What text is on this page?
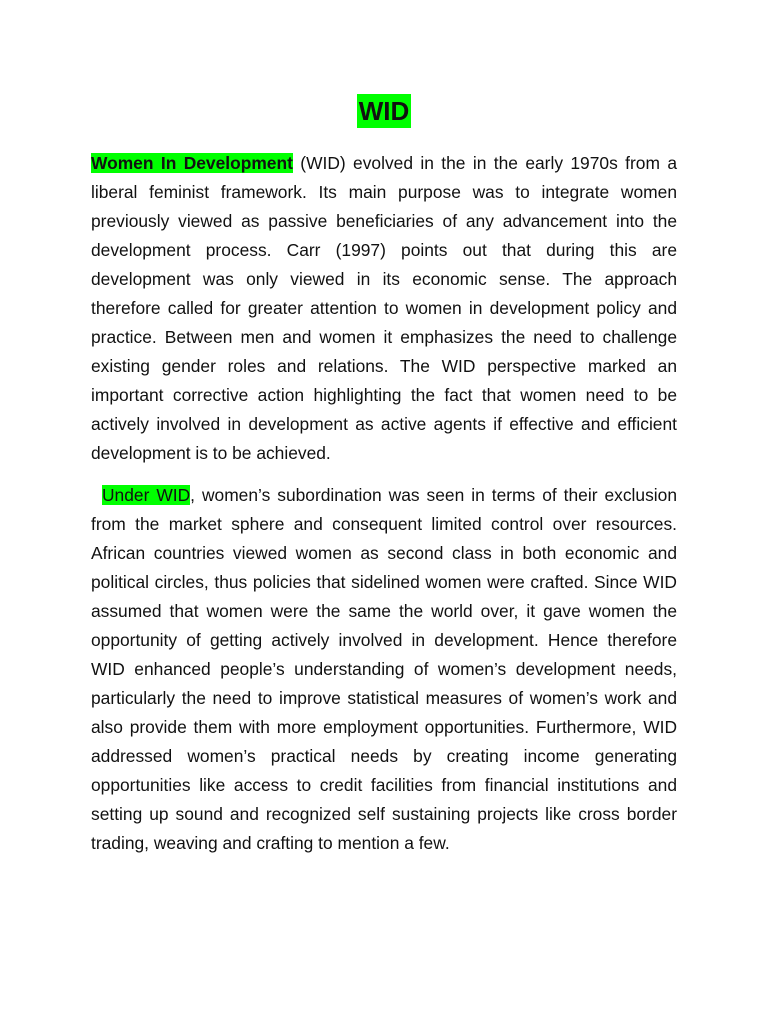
WID

Women In Development (WID) evolved in the in the early 1970s from a liberal feminist framework. Its main purpose was to integrate women previously viewed as passive beneficiaries of any advancement into the development process. Carr (1997) points out that during this are development was only viewed in its economic sense. The approach therefore called for greater attention to women in development policy and practice. Between men and women it emphasizes the need to challenge existing gender roles and relations. The WID perspective marked an important corrective action highlighting the fact that women need to be actively involved in development as active agents if effective and efficient development is to be achieved.

Under WID, women’s subordination was seen in terms of their exclusion from the market sphere and consequent limited control over resources. African countries viewed women as second class in both economic and political circles, thus policies that sidelined women were crafted. Since WID assumed that women were the same the world over, it gave women the opportunity of getting actively involved in development. Hence therefore WID enhanced people’s understanding of women’s development needs, particularly the need to improve statistical measures of women’s work and also provide them with more employment opportunities. Furthermore, WID addressed women’s practical needs by creating income generating opportunities like access to credit facilities from financial institutions and setting up sound and recognized self sustaining projects like cross border trading, weaving and crafting to mention a few.
